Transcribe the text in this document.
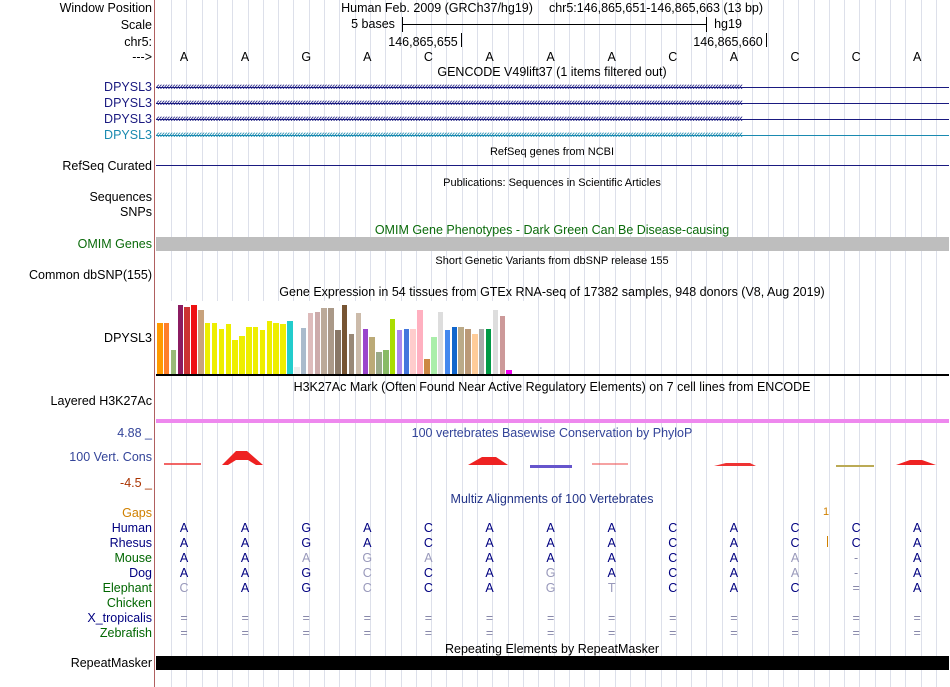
Window Position
Scale
chr5:
--->
Human Feb. 2009 (GRCh37/hg19) chr5:146,865,651-146,865,663 (13 bp)
5 bases	hg19
146,865,655	146,865,660
A	A	G	A	C	A	A	A	C	A	C	C	A
GENCODE V49lift37 (1 items filtered out)
DPYSL3 ‹‹‹‹‹‹‹‹‹‹‹‹‹‹‹‹‹‹‹‹‹‹‹‹‹‹‹‹‹‹‹‹‹‹‹‹‹‹‹‹‹‹‹‹‹‹‹‹‹‹‹‹‹‹‹‹‹‹‹‹‹‹‹‹‹‹‹‹‹‹‹‹‹‹‹‹‹‹‹‹‹‹‹‹‹‹‹‹‹‹‹‹‹‹‹‹‹‹‹‹‹‹‹‹‹‹‹‹‹‹‹‹‹‹‹‹‹‹‹‹‹‹‹‹‹‹‹‹‹‹‹‹‹‹‹‹‹‹‹‹‹‹‹‹‹‹‹‹‹‹‹‹‹‹‹‹‹‹‹‹‹‹‹‹‹‹‹‹‹‹‹‹‹‹‹‹‹‹‹‹‹‹‹‹‹‹‹‹‹‹‹‹‹‹‹‹‹‹‹‹‹‹‹‹‹‹‹‹‹‹‹‹‹‹‹‹‹‹‹‹
DPYSL3 ‹‹‹‹‹‹‹‹‹‹‹‹‹‹‹‹‹‹‹‹‹‹‹‹‹‹‹‹‹‹‹‹‹‹‹‹‹‹‹‹‹‹‹‹‹‹‹‹‹‹‹‹‹‹‹‹‹‹‹‹‹‹‹‹‹‹‹‹‹‹‹‹‹‹‹‹‹‹‹‹‹‹‹‹‹‹‹‹‹‹‹‹‹‹‹‹‹‹‹‹‹‹‹‹‹‹‹‹‹‹‹‹‹‹‹‹‹‹‹‹‹‹‹‹‹‹‹‹‹‹‹‹‹‹‹‹‹‹‹‹‹‹‹‹‹‹‹‹‹‹‹‹‹‹‹‹‹‹‹‹‹‹‹‹‹‹‹‹‹‹‹‹‹‹‹‹‹‹‹‹‹‹‹‹‹‹‹‹‹‹‹‹‹‹‹‹‹‹‹‹‹‹‹‹‹‹‹‹‹‹‹‹‹‹‹‹‹‹‹‹
DPYSL3 ‹‹‹‹‹‹‹‹‹‹‹‹‹‹‹‹‹‹‹‹‹‹‹‹‹‹‹‹‹‹‹‹‹‹‹‹‹‹‹‹‹‹‹‹‹‹‹‹‹‹‹‹‹‹‹‹‹‹‹‹‹‹‹‹‹‹‹‹‹‹‹‹‹‹‹‹‹‹‹‹‹‹‹‹‹‹‹‹‹‹‹‹‹‹‹‹‹‹‹‹‹‹‹‹‹‹‹‹‹‹‹‹‹‹‹‹‹‹‹‹‹‹‹‹‹‹‹‹‹‹‹‹‹‹‹‹‹‹‹‹‹‹‹‹‹‹‹‹‹‹‹‹‹‹‹‹‹‹‹‹‹‹‹‹‹‹‹‹‹‹‹‹‹‹‹‹‹‹‹‹‹‹‹‹‹‹‹‹‹‹‹‹‹‹‹‹‹‹‹‹‹‹‹‹‹‹‹‹‹‹‹‹‹‹‹‹‹‹‹‹
DPYSL3 ‹‹‹‹‹‹‹‹‹‹‹‹‹‹‹‹‹‹‹‹‹‹‹‹‹‹‹‹‹‹‹‹‹‹‹‹‹‹‹‹‹‹‹‹‹‹‹‹‹‹‹‹‹‹‹‹‹‹‹‹‹‹‹‹‹‹‹‹‹‹‹‹‹‹‹‹‹‹‹‹‹‹‹‹‹‹‹‹‹‹‹‹‹‹‹‹‹‹‹‹‹‹‹‹‹‹‹‹‹‹‹‹‹‹‹‹‹‹‹‹‹‹‹‹‹‹‹‹‹‹‹‹‹‹‹‹‹‹‹‹‹‹‹‹‹‹‹‹‹‹‹‹‹‹‹‹‹‹‹‹‹‹‹‹‹‹‹‹‹‹‹‹‹‹‹‹‹‹‹‹‹‹‹‹‹‹‹‹‹‹‹‹‹‹‹‹‹‹‹‹‹‹‹‹‹‹‹‹‹‹‹‹‹‹‹‹‹‹‹‹
RefSeq genes from NCBI
RefSeq Curated
Publications: Sequences in Scientific Articles
Sequences
SNPs
OMIM Gene Phenotypes - Dark Green Can Be Disease-causing
OMIM Genes
Short Genetic Variants from dbSNP release 155
Common dbSNP(155)
Gene Expression in 54 tissues from GTEx RNA-seq of 17382 samples, 948 donors (V8, Aug 2019)
DPYSL3
H3K27Ac Mark (Often Found Near Active Regulatory Elements) on 7 cell lines from ENCODE
Layered H3K27Ac
100 vertebrates Basewise Conservation by PhyloP
4.88 _
100 Vert. Cons
-4.5 _
Multiz Alignments of 100 Vertebrates
Gaps	1
Human A	A	G	A	C	A	A	A	C	A	C	C	A
Rhesus A	A	G	A	C	A	A	A	C	A	C	C	A
Mouse A	A	A	G	A	A	A	A	C	A	A	-	A
Dog A	A	G	C	C	A	G	A	C	A	A	-	A
Elephant C	A	G	C	C	A	G	T	C	A	C	=	A
Chicken
X_tropicalis =	=	=	=	=	=	=	=	=	=	=	=	=
Zebrafish =	=	=	=	=	=	=	=	=	=	=	=	=
Repeating Elements by RepeatMasker
RepeatMasker
